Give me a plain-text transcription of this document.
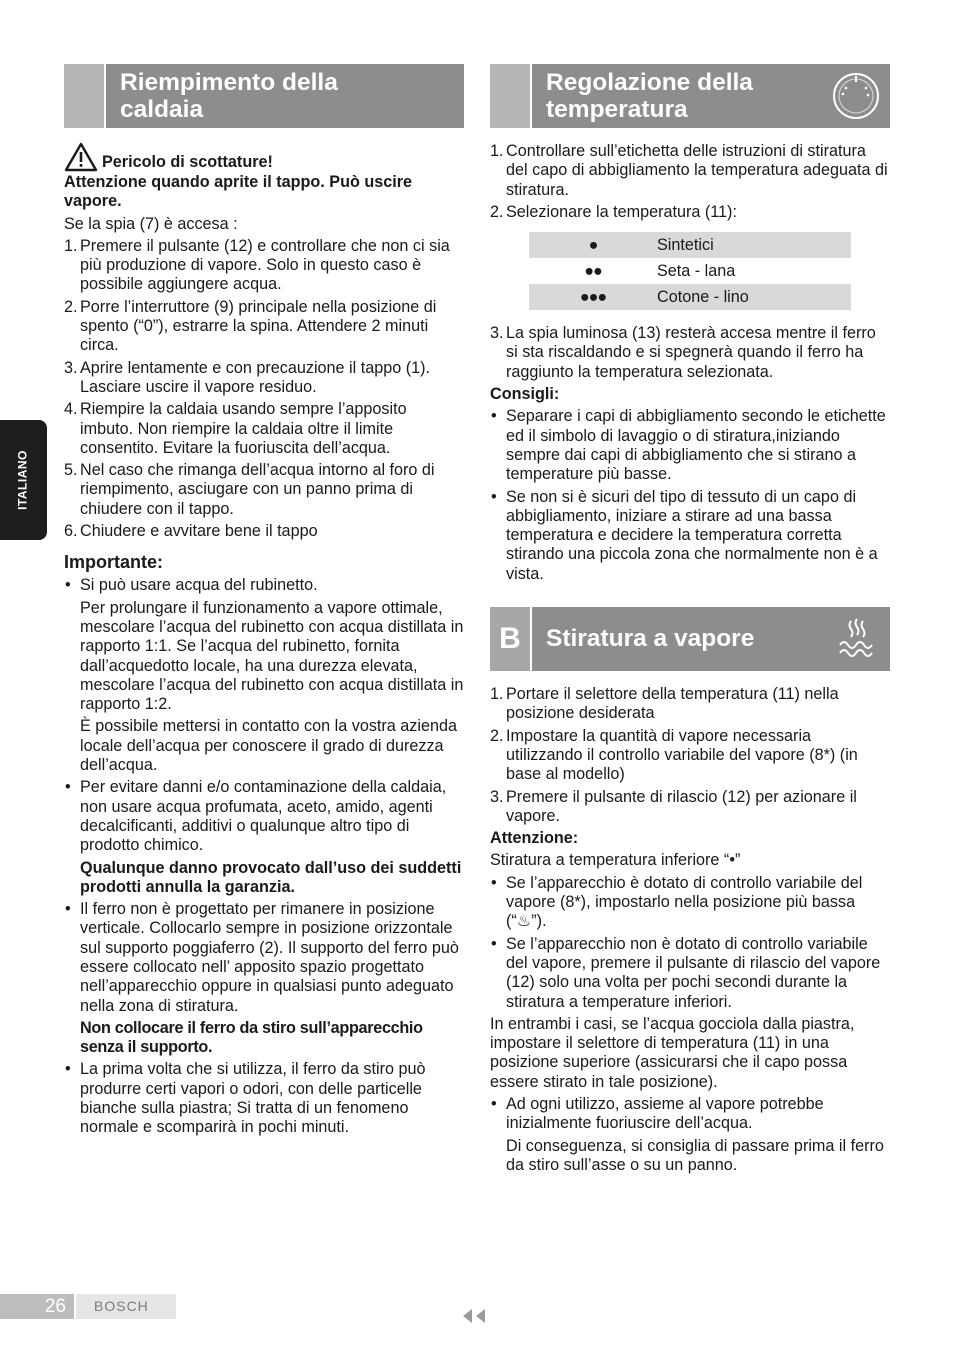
ITALIANO
Riempimento della caldaia
Pericolo di scottature!

Attenzione quando aprite il tappo. Può uscire vapore.

Se la spia (7) è accesa :

1. Premere il pulsante (12) e controllare che non ci sia più produzione di vapore. Solo in questo caso è possibile aggiungere acqua.
2. Porre l’interruttore (9) principale nella posizione di spento (“0”), estrarre la spina. Attendere 2 minuti circa.
3. Aprire lentamente e con precauzione il tappo (1). Lasciare uscire il vapore residuo.
4. Riempire la caldaia usando sempre l’apposito imbuto. Non riempire la caldaia oltre il limite consentito. Evitare la fuoriuscita dell’acqua.
5. Nel caso che rimanga dell’acqua intorno al foro di riempimento, asciugare con un panno prima di chiudere con il tappo.
6. Chiudere e avvitare bene il tappo
Importante:
• Si può usare acqua del rubinetto.

Per prolungare il funzionamento a vapore ottimale, mescolare l’acqua del rubinetto con acqua distillata in rapporto 1:1. Se l’acqua del rubinetto, fornita dall’acquedotto locale, ha una durezza elevata, mescolare l’acqua del rubinetto con acqua distillata in rapporto 1:2.

È possibile mettersi in contatto con la vostra azienda locale dell’acqua per conoscere il grado di durezza dell’acqua.

• Per evitare danni e/o contaminazione della caldaia, non usare acqua profumata, aceto, amido, agenti decalcificanti, additivi o qualunque altro tipo di prodotto chimico.

Qualunque danno provocato dall’uso dei suddetti prodotti annulla la garanzia.

• Il ferro non è progettato per rimanere in posizione verticale. Collocarlo sempre in posizione orizzontale sul supporto poggiaferro (2). Il supporto del ferro può essere collocato nell’ apposito spazio progettato nell’apparecchio oppure in qualsiasi punto adeguato nella zona di stiratura.

Non collocare il ferro da stiro sull’apparecchio senza il supporto.

• La prima volta che si utilizza, il ferro da stiro può produrre certi vapori o odori, con delle particelle bianche sulla piastra; Si tratta di un fenomeno normale e scomparirà in pochi minuti.
Regolazione della temperatura
1. Controllare sull’etichetta delle istruzioni di stiratura del capo di abbigliamento la temperatura adeguata di stiratura.
2. Selezionare la temperatura (11):
●	Sintetici
●●	Seta - lana
●●●	Cotone - lino
3. La spia luminosa (13) resterà accesa mentre il ferro si sta riscaldando e si spegnerà quando il ferro ha raggiunto la temperatura selezionata.

Consigli:

• Separare i capi di abbigliamento secondo le etichette ed il simbolo di lavaggio o di stiratura,iniziando sempre dai capi di abbigliamento che si stirano a temperature più basse.
• Se non si è sicuri del tipo di tessuto di un capo di abbigliamento, iniziare a stirare ad una bassa temperatura e decidere la temperatura corretta stirando una piccola zona che normalmente non è a vista.
B	Stiratura a vapore
1. Portare il selettore della temperatura (11) nella posizione desiderata
2. Impostare la quantità di vapore necessaria utilizzando il controllo variabile del vapore (8*) (in base al modello)
3. Premere il pulsante di rilascio (12) per azionare il vapore.

Attenzione:

Stiratura a temperatura inferiore “•”

• Se l’apparecchio è dotato di controllo variabile del vapore (8*), impostarlo nella posizione più bassa (“♨”).
• Se l’apparecchio non è dotato di controllo variabile del vapore, premere il pulsante di rilascio del vapore (12) solo una volta per pochi secondi durante la stiratura a temperature inferiori.

In entrambi i casi, se l’acqua gocciola dalla piastra, impostare il selettore di temperatura (11) in una posizione superiore (assicurarsi che il capo possa essere stirato in tale posizione).

• Ad ogni utilizzo, assieme al vapore potrebbe inizialmente fuoriuscire dell’acqua.

Di conseguenza, si consiglia di passare prima il ferro da stiro sull’asse o su un panno.

26	BOSCH
